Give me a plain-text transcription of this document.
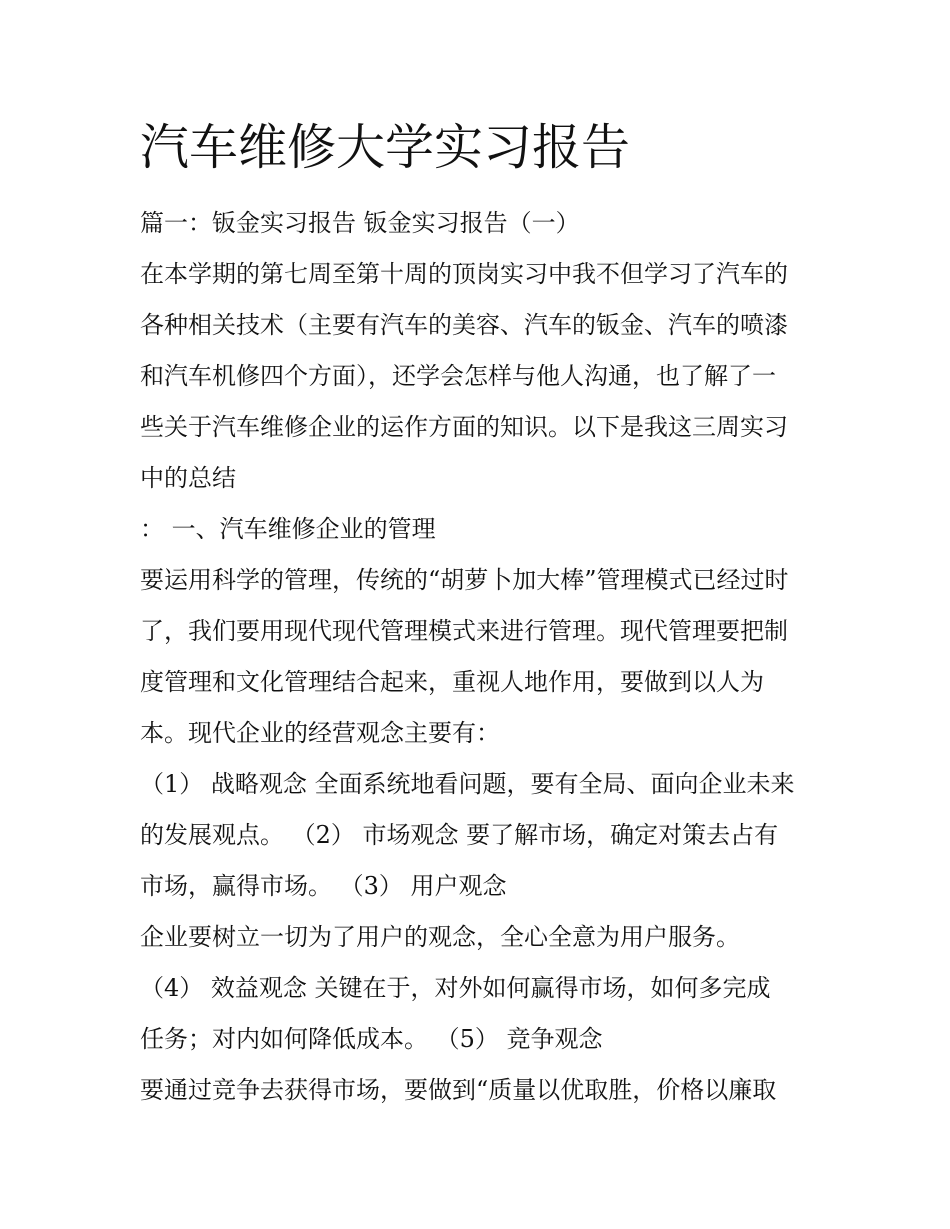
汽车维修大学实习报告
篇一：钣金实习报告 钣金实习报告（一）
在本学期的第七周至第十周的顶岗实习中我不但学习了汽车的
各种相关技术（主要有汽车的美容、汽车的钣金、汽车的喷漆
和汽车机修四个方面），还学会怎样与他人沟通，也了解了一
些关于汽车维修企业的运作方面的知识。以下是我这三周实习
中的总结
： 一、汽车维修企业的管理
要运用科学的管理，传统的“胡萝卜加大棒”管理模式已经过时
了，我们要用现代现代管理模式来进行管理。现代管理要把制
度管理和文化管理结合起来，重视人地作用，要做到以人为
本。现代企业的经营观念主要有：
（1） 战略观念 全面系统地看问题，要有全局、面向企业未来
的发展观点。 （2） 市场观念 要了解市场，确定对策去占有
市场，赢得市场。 （3） 用户观念
企业要树立一切为了用户的观念，全心全意为用户服务。
（4） 效益观念 关键在于，对外如何赢得市场，如何多完成
任务；对内如何降低成本。 （5） 竞争观念
要通过竞争去获得市场，要做到“质量以优取胜，价格以廉取
